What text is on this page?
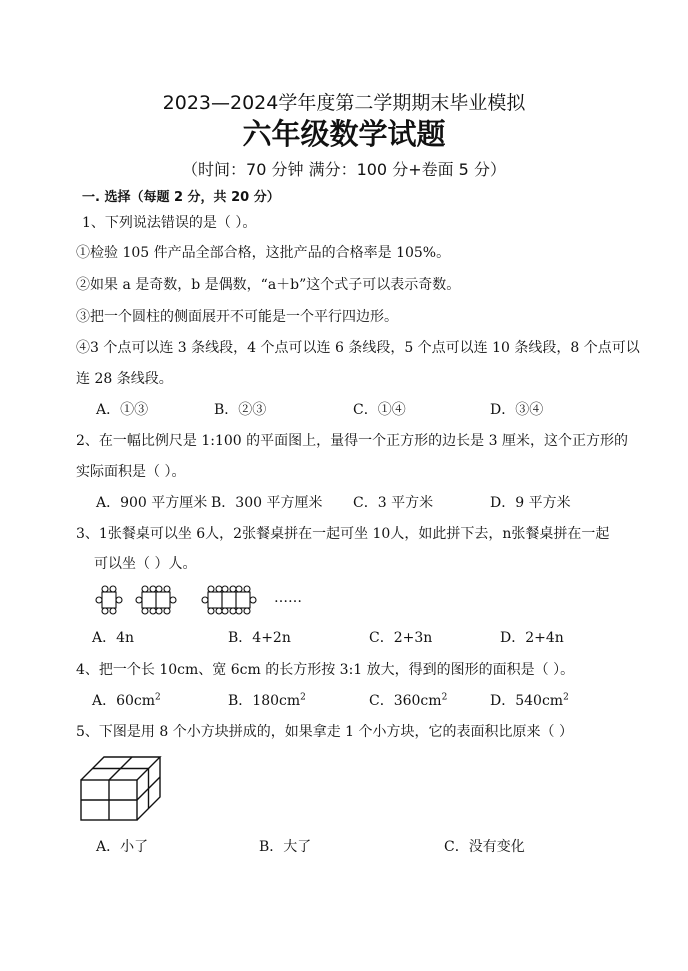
2023—2024学年度第二学期期末毕业模拟
六年级数学试题
（时间：70 分钟 满分：100 分+卷面 5 分）
一. 选择（每题 2 分，共 20 分）
1、下列说法错误的是（ ）。
①检验 105 件产品全部合格，这批产品的合格率是 105%。
②如果 a 是奇数，b 是偶数，“a＋b”这个式子可以表示奇数。
③把一个圆柱的侧面展开不可能是一个平行四边形。
④3 个点可以连 3 条线段，4 个点可以连 6 条线段，5 个点可以连 10 条线段，8 个点可以
连 28 条线段。
A．①③	B．②③	C．①④	D．③④
2、在一幅比例尺是 1:100 的平面图上，量得一个正方形的边长是 3 厘米，这个正方形的
实际面积是（ ）。
A．900 平方厘米 B．300 平方厘米 C．3 平方米	D．9 平方米
3、1张餐桌可以坐 6人，2张餐桌拼在一起可坐 10人，如此拼下去，n张餐桌拼在一起
可以坐（ ）人。
……
A．4n	B．4+2n	C．2+3n	D．2+4n
4、把一个长 10cm、宽 6cm 的长方形按 3:1 放大，得到的图形的面积是（ ）。
A．$60cm^2$	B．$180cm^2$	C．$360cm^2$	D．$540cm^2$
5、下图是用 8 个小方块拼成的，如果拿走 1 个小方块，它的表面积比原来（ ）
A．小了	B．大了	C．没有变化
